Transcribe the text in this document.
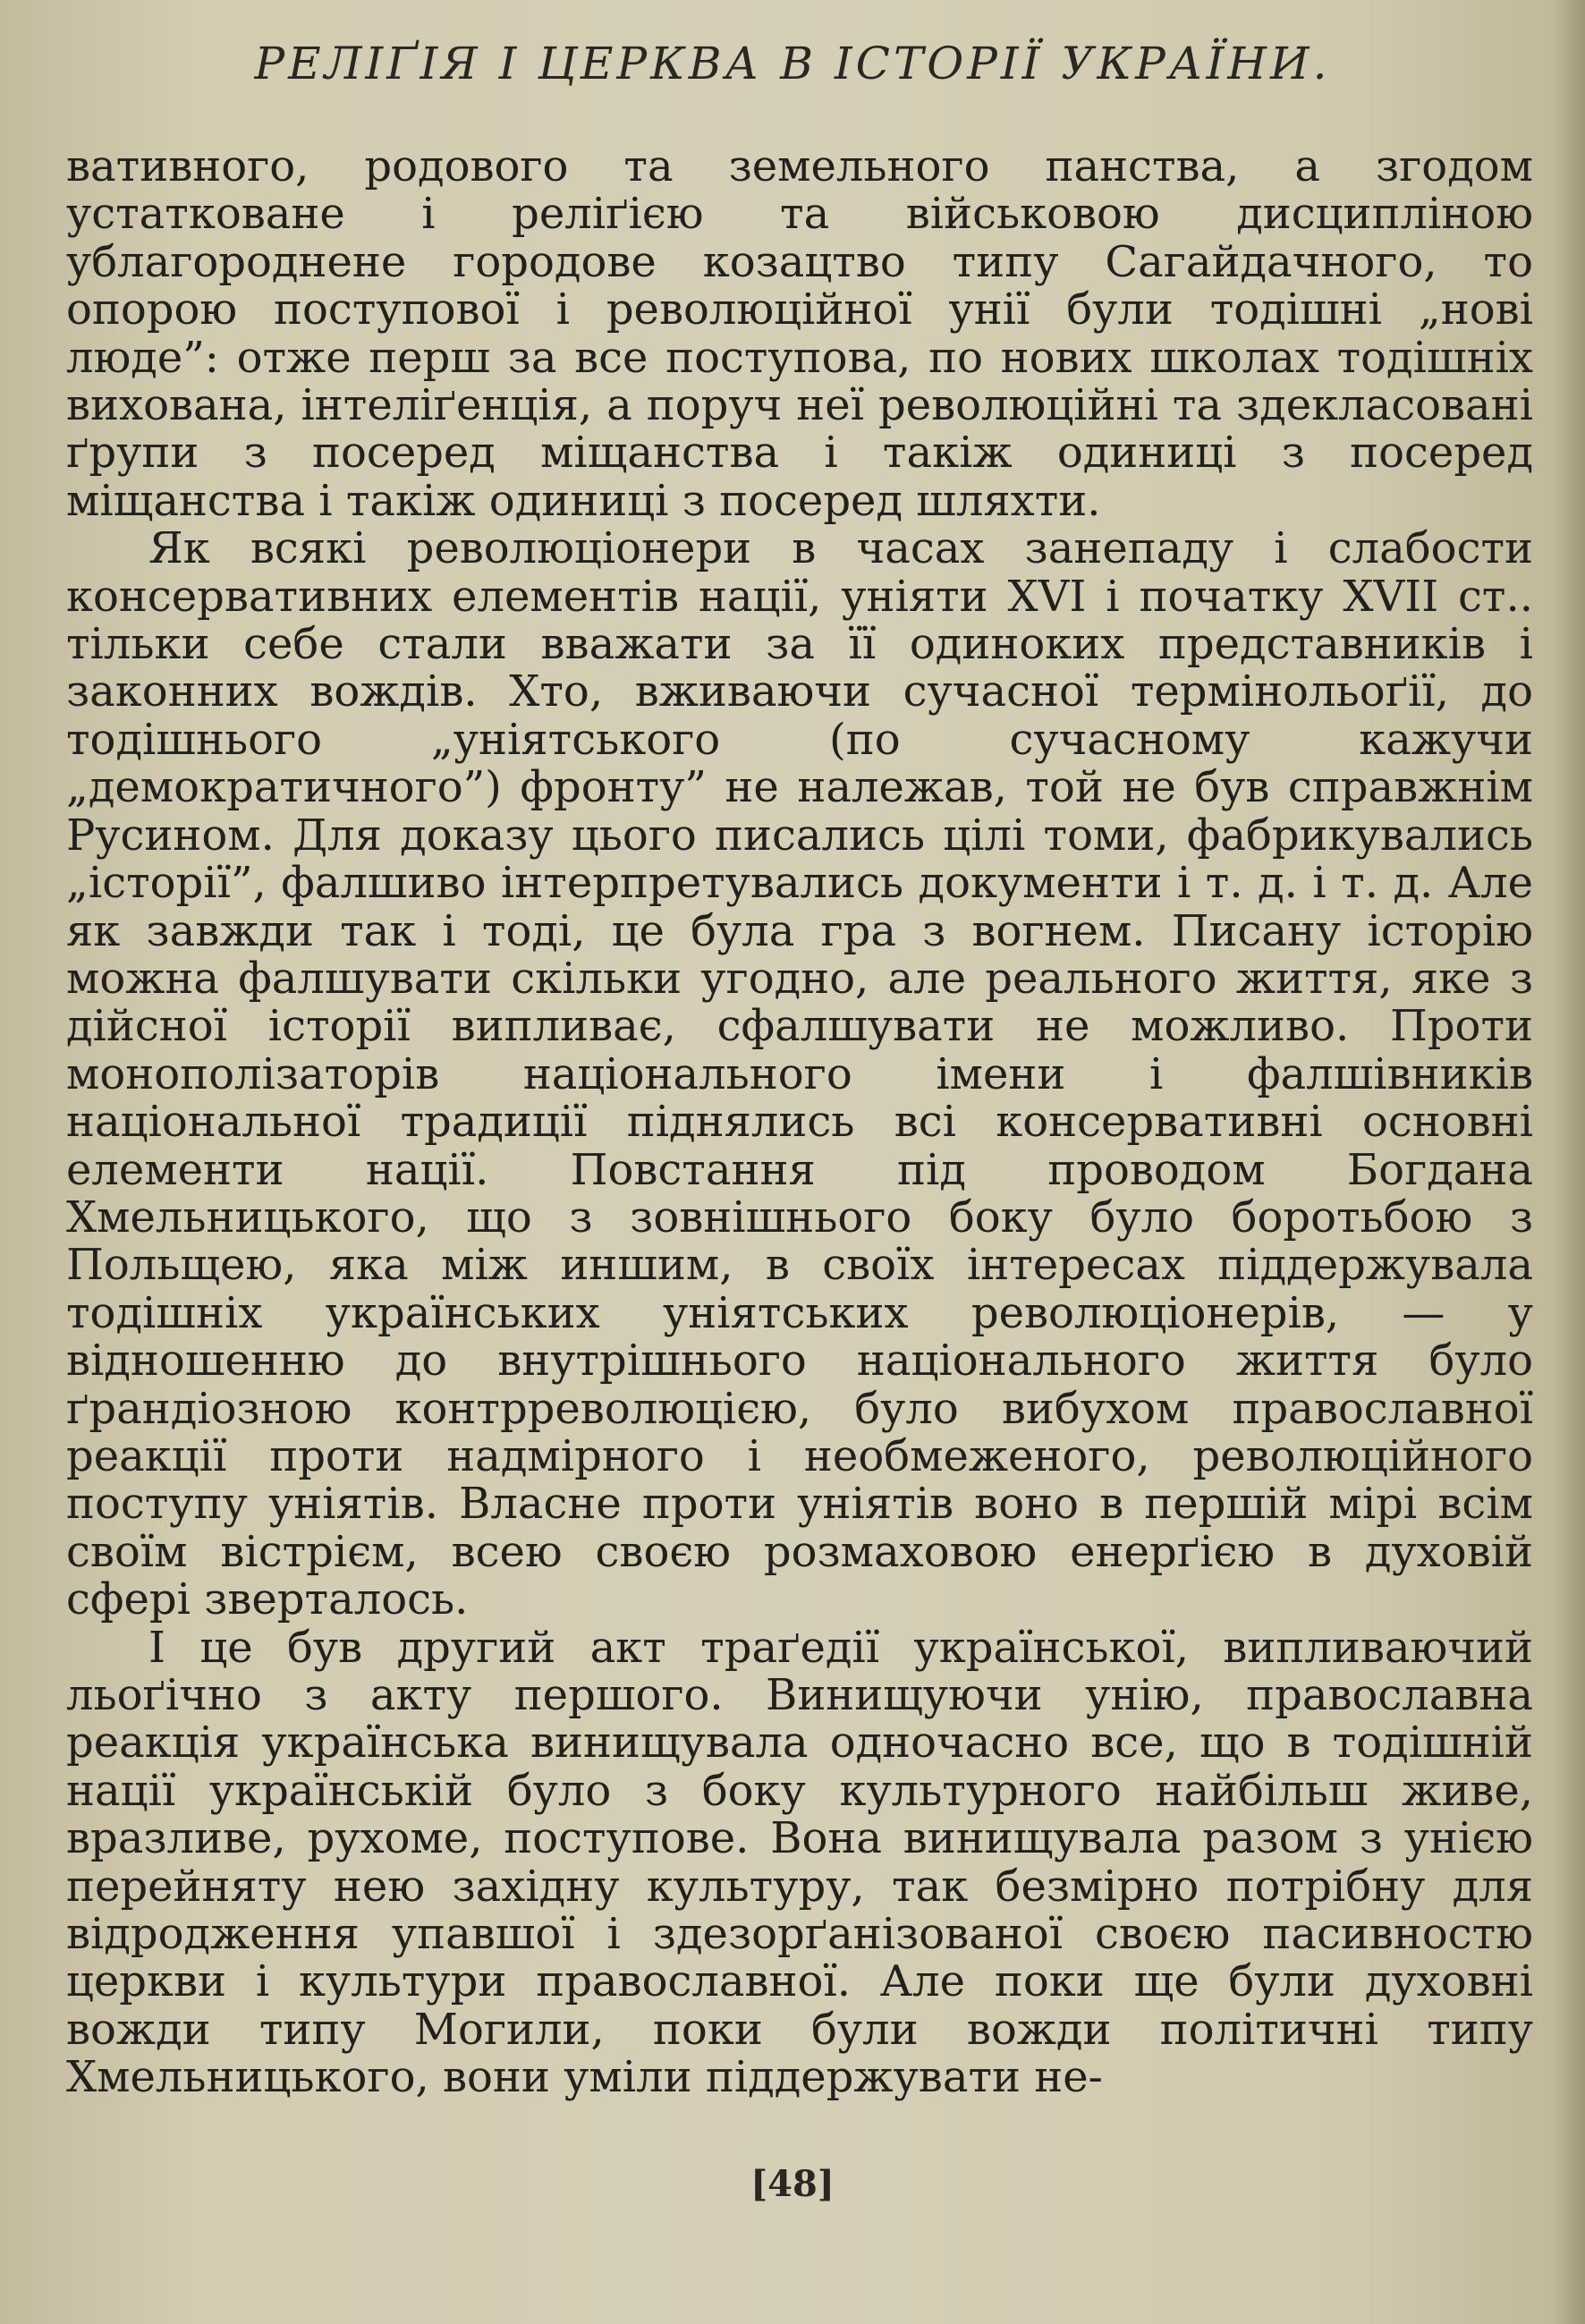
РЕЛІҐІЯ І ЦЕРКВА В ІСТОРІЇ УКРАЇНИ.

вативного, родового та земельного панства, а згодом устатковане і реліґією та військовою дисципліною ублагороднене городове козацтво типу Сагайдачного, то опорою поступової і революційної унії були тодішні „нові люде”: отже перш за все поступова, по нових школах тодішніх вихована, інтеліґенція, а поруч неї революційні та здекласовані ґрупи з посеред міщанства і такіж одиниці з посеред міщанства і такіж одиниці з посеред шляхти.

Як всякі революціонери в часах занепаду і слабости консервативних елементів нації, уніяти XVI і початку XVII ст.. тільки себе стали вважати за її одиноких представників і законних вождів. Хто, вживаючи сучасної термінольоґії, до тодішнього „уніятського (по сучасному кажучи „демократичного”) фронту” не належав, той не був справжнім Русином. Для доказу цього писались цілі томи, фабрикувались „історії”, фалшиво інтерпретувались документи і т. д. і т. д. Але як завжди так і тоді, це була гра з вогнем. Писану історію можна фалшувати скільки угодно, але реального життя, яке з дійсної історії випливає, сфалшувати не можливо. Проти монополізаторів національного імени і фалшівників національної традиції піднялись всі консервативні основні елементи нації. Повстання під проводом Богдана Хмельницького, що з зовнішнього боку було боротьбою з Польщею, яка між иншим, в своїх інтересах піддержувала тодішніх українських уніятських революціонерів, — у відношенню до внутрішнього національного життя було ґрандіозною контрреволюцією, було вибухом православної реакції проти надмірного і необмеженого, революційного поступу уніятів. Власне проти уніятів воно в першій мірі всім своїм вістрієм, всею своєю розмаховою енерґією в духовій сфері зверталось.

І це був другий акт траґедії української, випливаючий льоґічно з акту першого. Винищуючи унію, православна реакція українська винищувала одночасно все, що в тодішній нації українській було з боку культурного найбільш живе, вразливе, рухоме, поступове. Вона винищувала разом з унією перейняту нею західну культуру, так безмірно потрібну для відродження упавшої і здезорґанізованої своєю пасивностю церкви і культури православної. Але поки ще були духовні вожди типу Могили, поки були вожди політичні типу Хмельницького, вони уміли піддержувати не-

[48]
